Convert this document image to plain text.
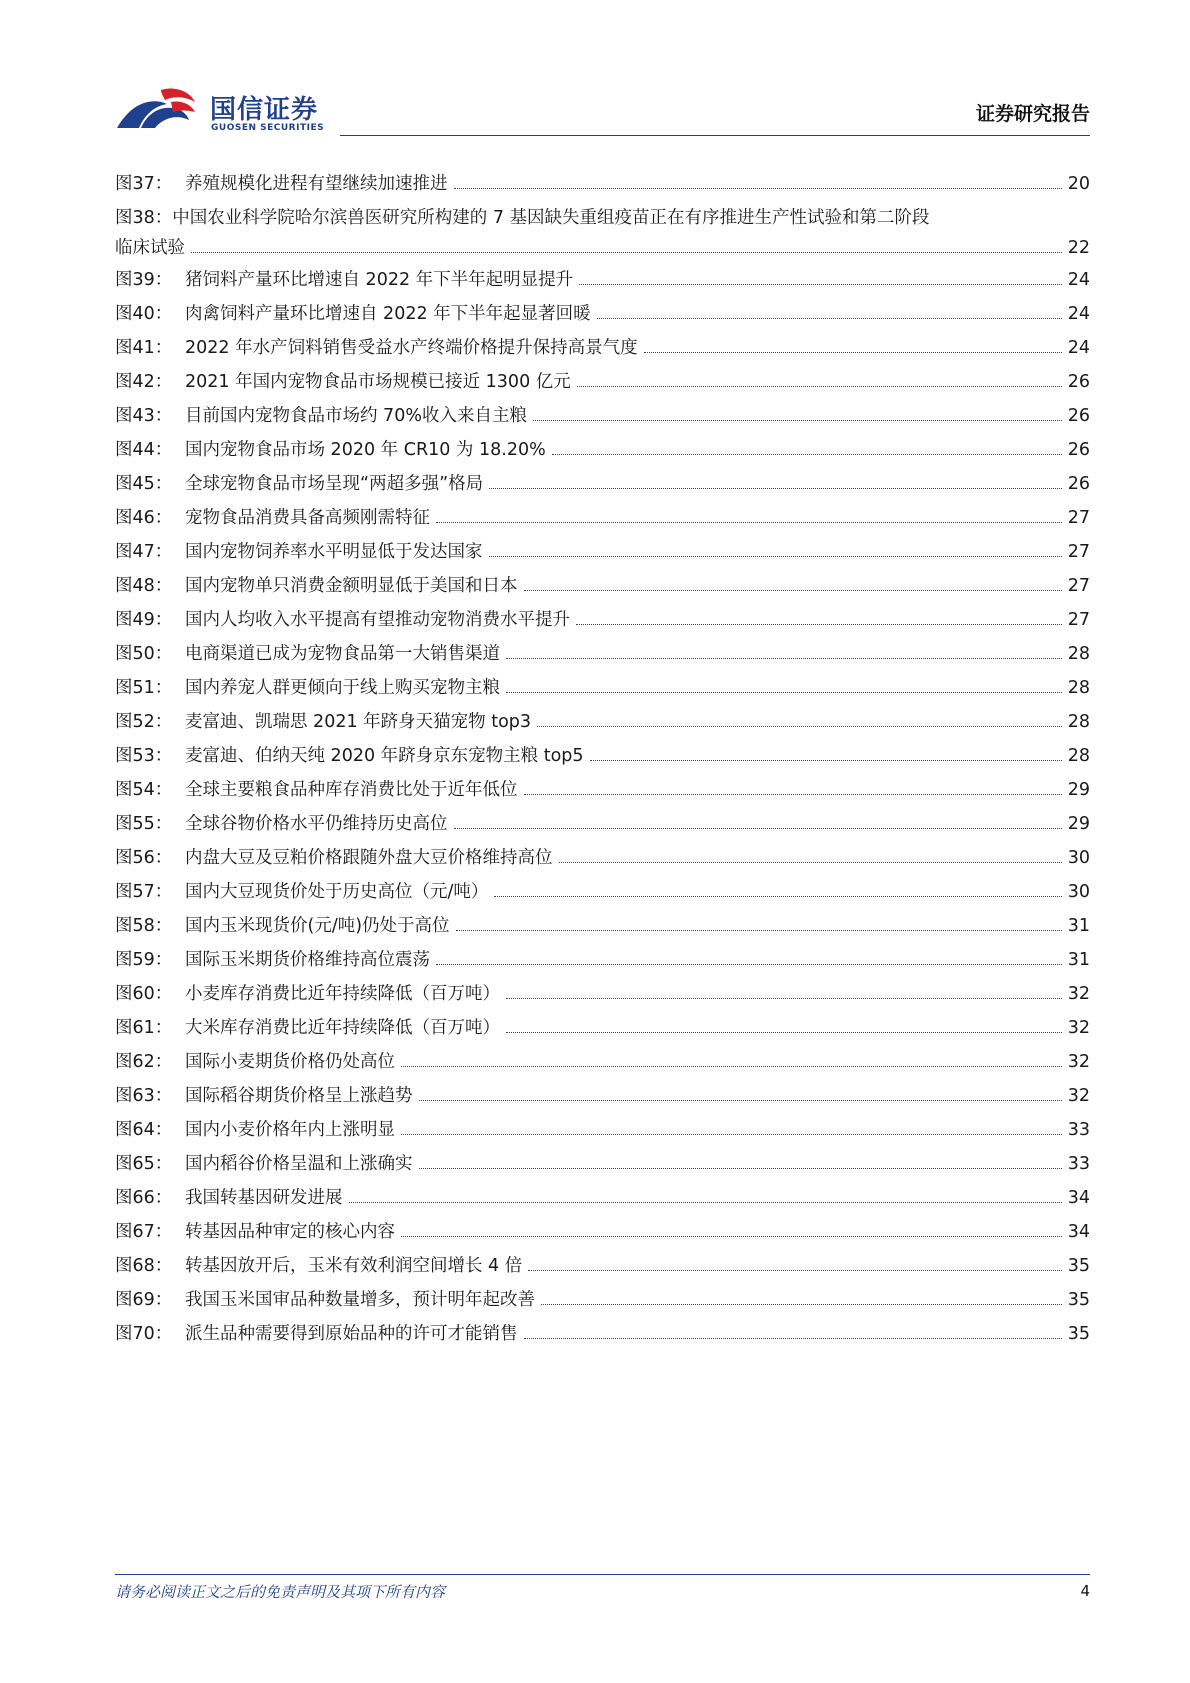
国信证券
GUOSEN SECURITIES
证券研究报告
图37： 养殖规模化进程有望继续加速推进	20
图38：中国农业科学院哈尔滨兽医研究所构建的 7 基因缺失重组疫苗正在有序推进生产性试验和第二阶段
临床试验	22
图39： 猪饲料产量环比增速自 2022 年下半年起明显提升	24
图40： 肉禽饲料产量环比增速自 2022 年下半年起显著回暖	24
图41： 2022 年水产饲料销售受益水产终端价格提升保持高景气度	24
图42： 2021 年国内宠物食品市场规模已接近 1300 亿元	26
图43： 目前国内宠物食品市场约 70%收入来自主粮	26
图44： 国内宠物食品市场 2020 年 CR10 为 18.20%	26
图45： 全球宠物食品市场呈现“两超多强”格局	26
图46： 宠物食品消费具备高频刚需特征	27
图47： 国内宠物饲养率水平明显低于发达国家	27
图48： 国内宠物单只消费金额明显低于美国和日本	27
图49： 国内人均收入水平提高有望推动宠物消费水平提升	27
图50： 电商渠道已成为宠物食品第一大销售渠道	28
图51： 国内养宠人群更倾向于线上购买宠物主粮	28
图52： 麦富迪、凯瑞思 2021 年跻身天猫宠物 top3	28
图53： 麦富迪、伯纳天纯 2020 年跻身京东宠物主粮 top5	28
图54： 全球主要粮食品种库存消费比处于近年低位	29
图55： 全球谷物价格水平仍维持历史高位	29
图56： 内盘大豆及豆粕价格跟随外盘大豆价格维持高位	30
图57： 国内大豆现货价处于历史高位（元/吨）	30
图58： 国内玉米现货价(元/吨)仍处于高位	31
图59： 国际玉米期货价格维持高位震荡	31
图60： 小麦库存消费比近年持续降低（百万吨）	32
图61： 大米库存消费比近年持续降低（百万吨）	32
图62： 国际小麦期货价格仍处高位	32
图63： 国际稻谷期货价格呈上涨趋势	32
图64： 国内小麦价格年内上涨明显	33
图65： 国内稻谷价格呈温和上涨确实	33
图66： 我国转基因研发进展	34
图67： 转基因品种审定的核心内容	34
图68： 转基因放开后，玉米有效利润空间增长 4 倍	35
图69： 我国玉米国审品种数量增多，预计明年起改善	35
图70： 派生品种需要得到原始品种的许可才能销售	35
请务必阅读正文之后的免责声明及其项下所有内容	4
